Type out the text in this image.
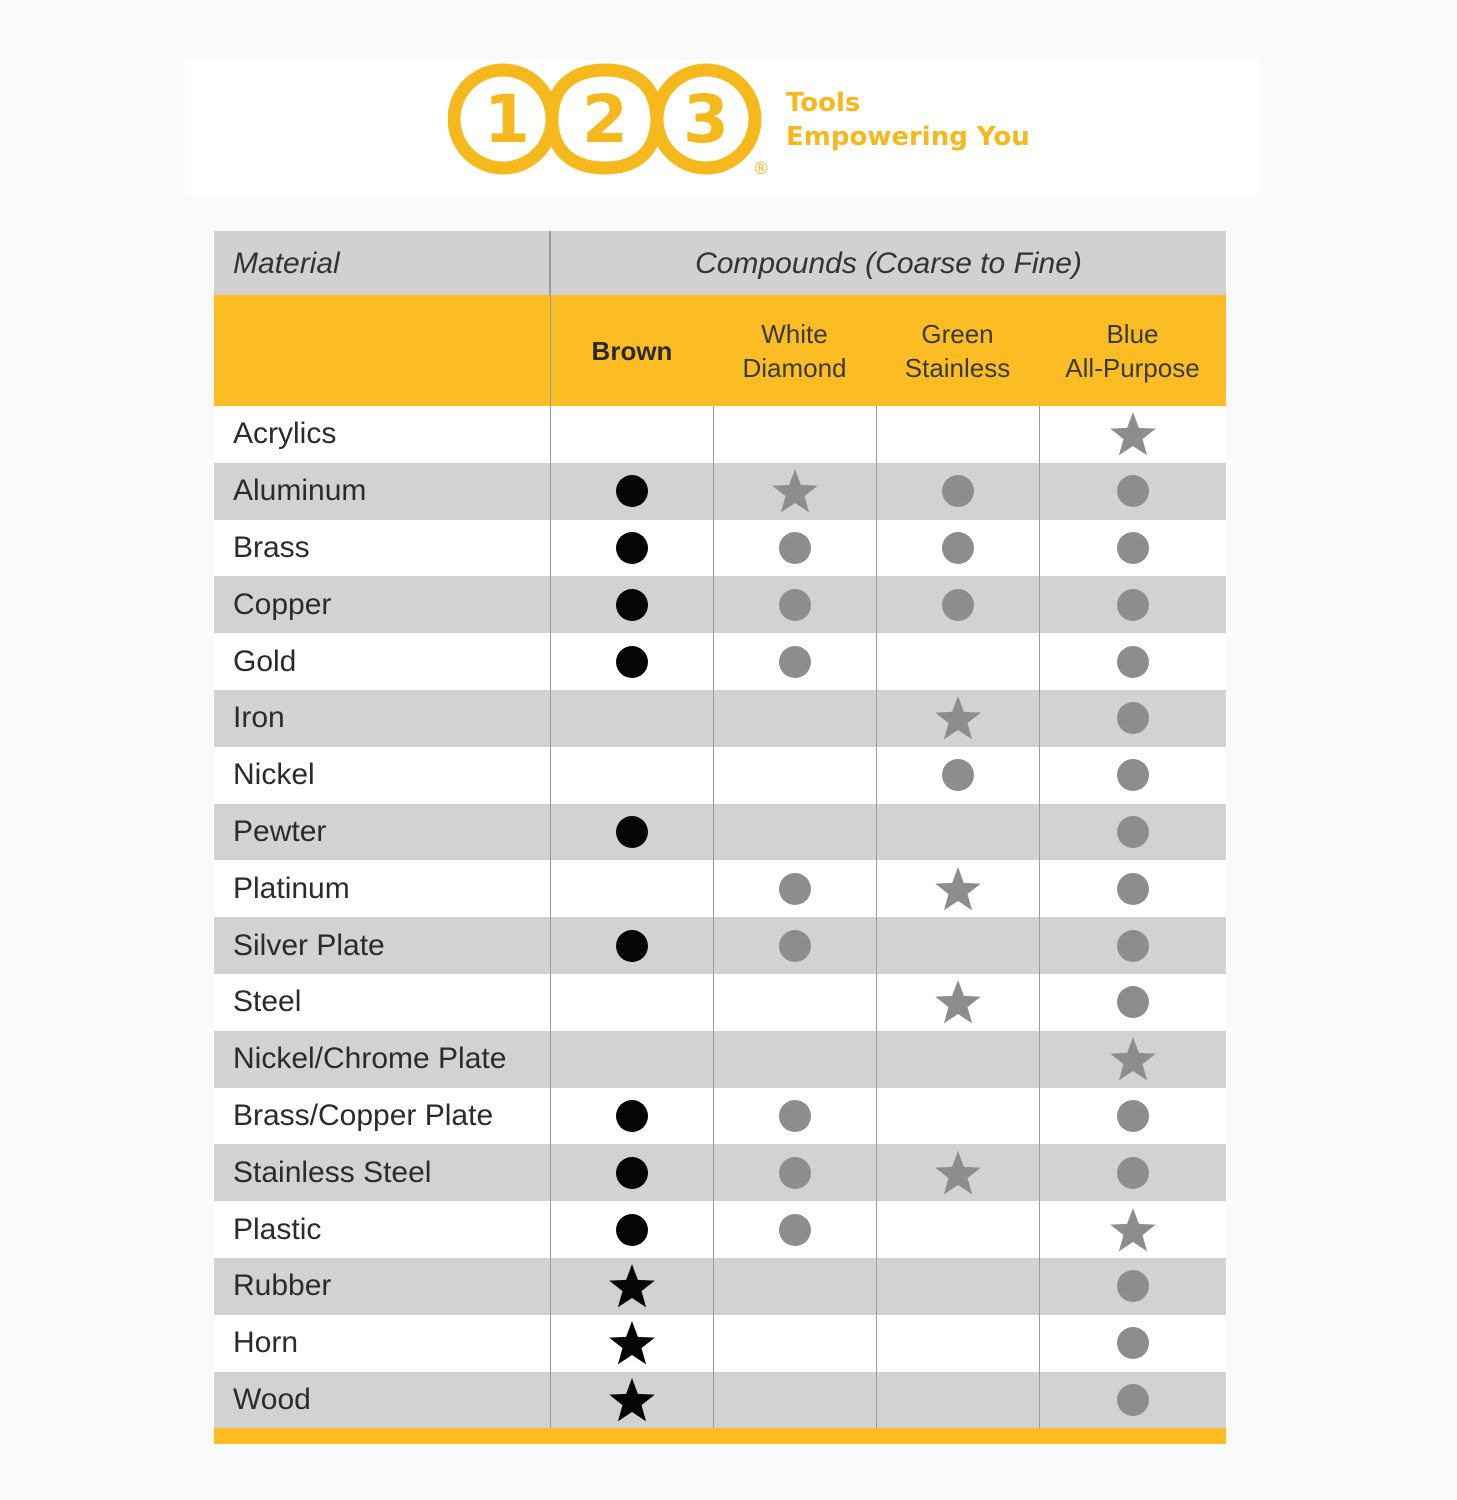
1 2 3
®
Tools
Empowering You
Material	Compounds (Coarse to Fine)
Brown
White
Diamond
Green
Stainless
Blue
All-Purpose
Acrylics
Aluminum
Brass
Copper
Gold
Iron
Nickel
Pewter
Platinum
Silver Plate
Steel
Nickel/Chrome Plate
Brass/Copper Plate
Stainless Steel
Plastic
Rubber
Horn
Wood
